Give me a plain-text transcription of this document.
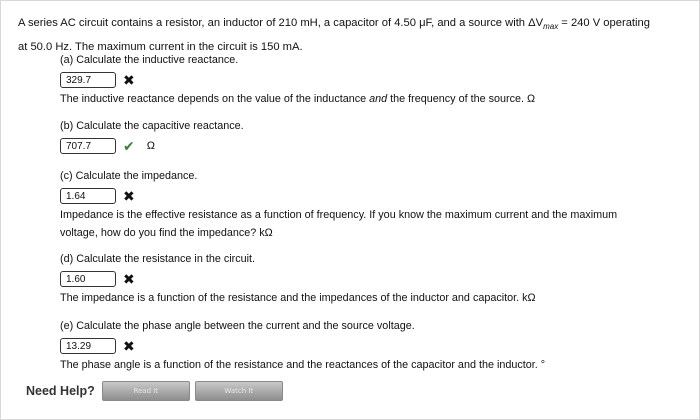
A series AC circuit contains a resistor, an inductor of 210 mH, a capacitor of 4.50 μF, and a source with $\Delta V_{max} = 240$ V operating
at 50.0 Hz. The maximum current in the circuit is 150 mA.
(a) Calculate the inductive reactance.
329.7	✖
The inductive reactance depends on the value of the inductance and the frequency of the source. Ω
(b) Calculate the capacitive reactance.
707.7	✔ Ω
(c) Calculate the impedance.
1.64	✖
Impedance is the effective resistance as a function of frequency. If you know the maximum current and the maximum
voltage, how do you find the impedance? kΩ
(d) Calculate the resistance in the circuit.
1.60	✖
The impedance is a function of the resistance and the impedances of the inductor and capacitor. kΩ
(e) Calculate the phase angle between the current and the source voltage.
13.29	✖
The phase angle is a function of the resistance and the reactances of the capacitor and the inductor. °
Need Help?	Read It	Watch It
